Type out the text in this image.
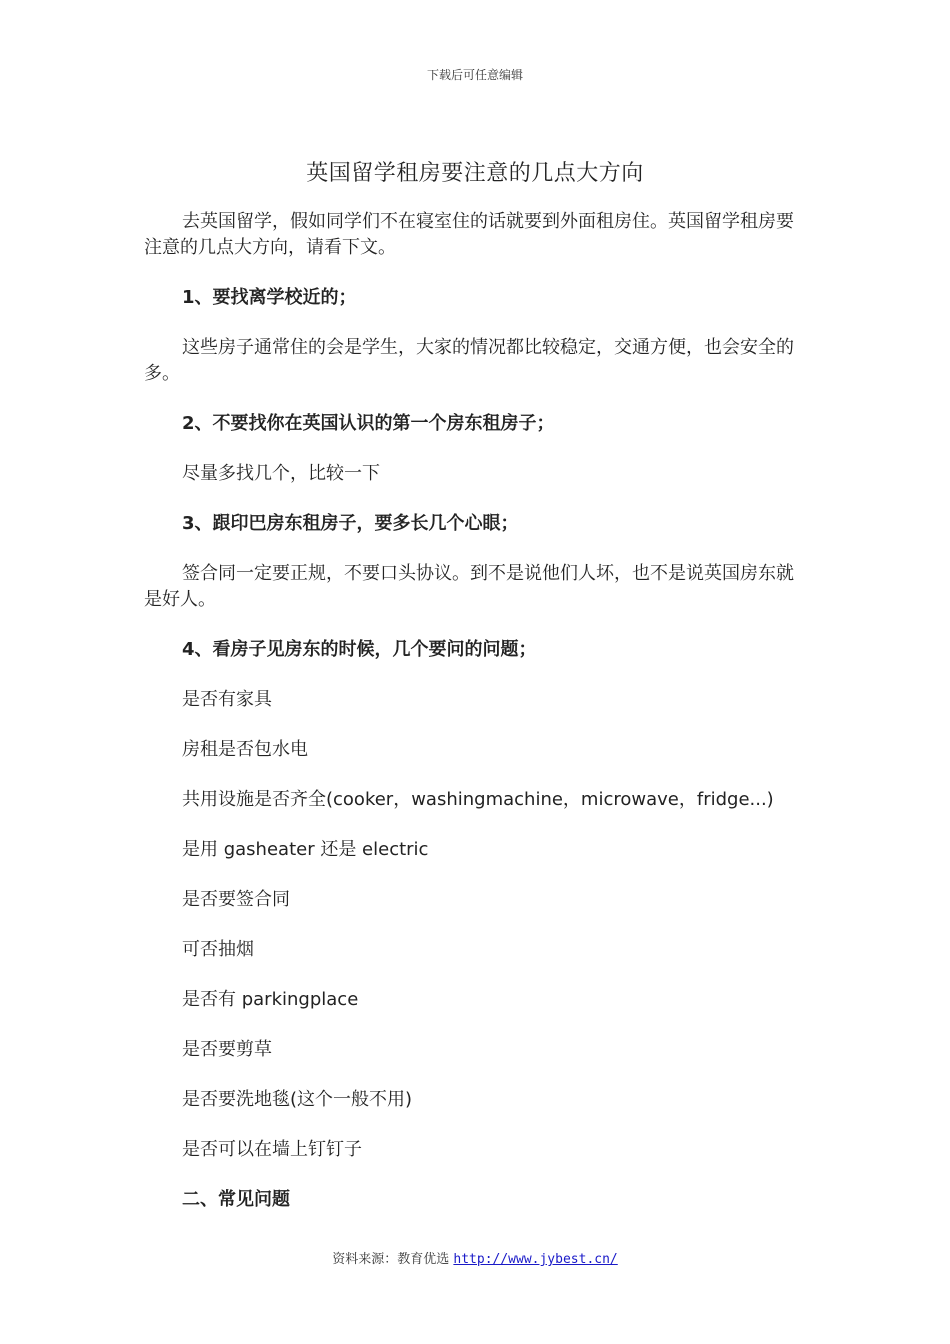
下载后可任意编辑
英国留学租房要注意的几点大方向
去英国留学，假如同学们不在寝室住的话就要到外面租房住。英国留学租房要注意的几点大方向，请看下文。
1、要找离学校近的；
这些房子通常住的会是学生，大家的情况都比较稳定，交通方便，也会安全的多。
2、不要找你在英国认识的第一个房东租房子；
尽量多找几个，比较一下
3、跟印巴房东租房子，要多长几个心眼；
签合同一定要正规，不要口头协议。到不是说他们人坏，也不是说英国房东就是好人。
4、看房子见房东的时候，几个要问的问题；
是否有家具
房租是否包水电
共用设施是否齐全(cooker，washingmachine，microwave，fridge...)
是用 gasheater 还是 electric
是否要签合同
可否抽烟
是否有 parkingplace
是否要剪草
是否要洗地毯(这个一般不用)
是否可以在墙上钉钉子
二、常见问题
资料来源：教育优选 http://www.jybest.cn/
